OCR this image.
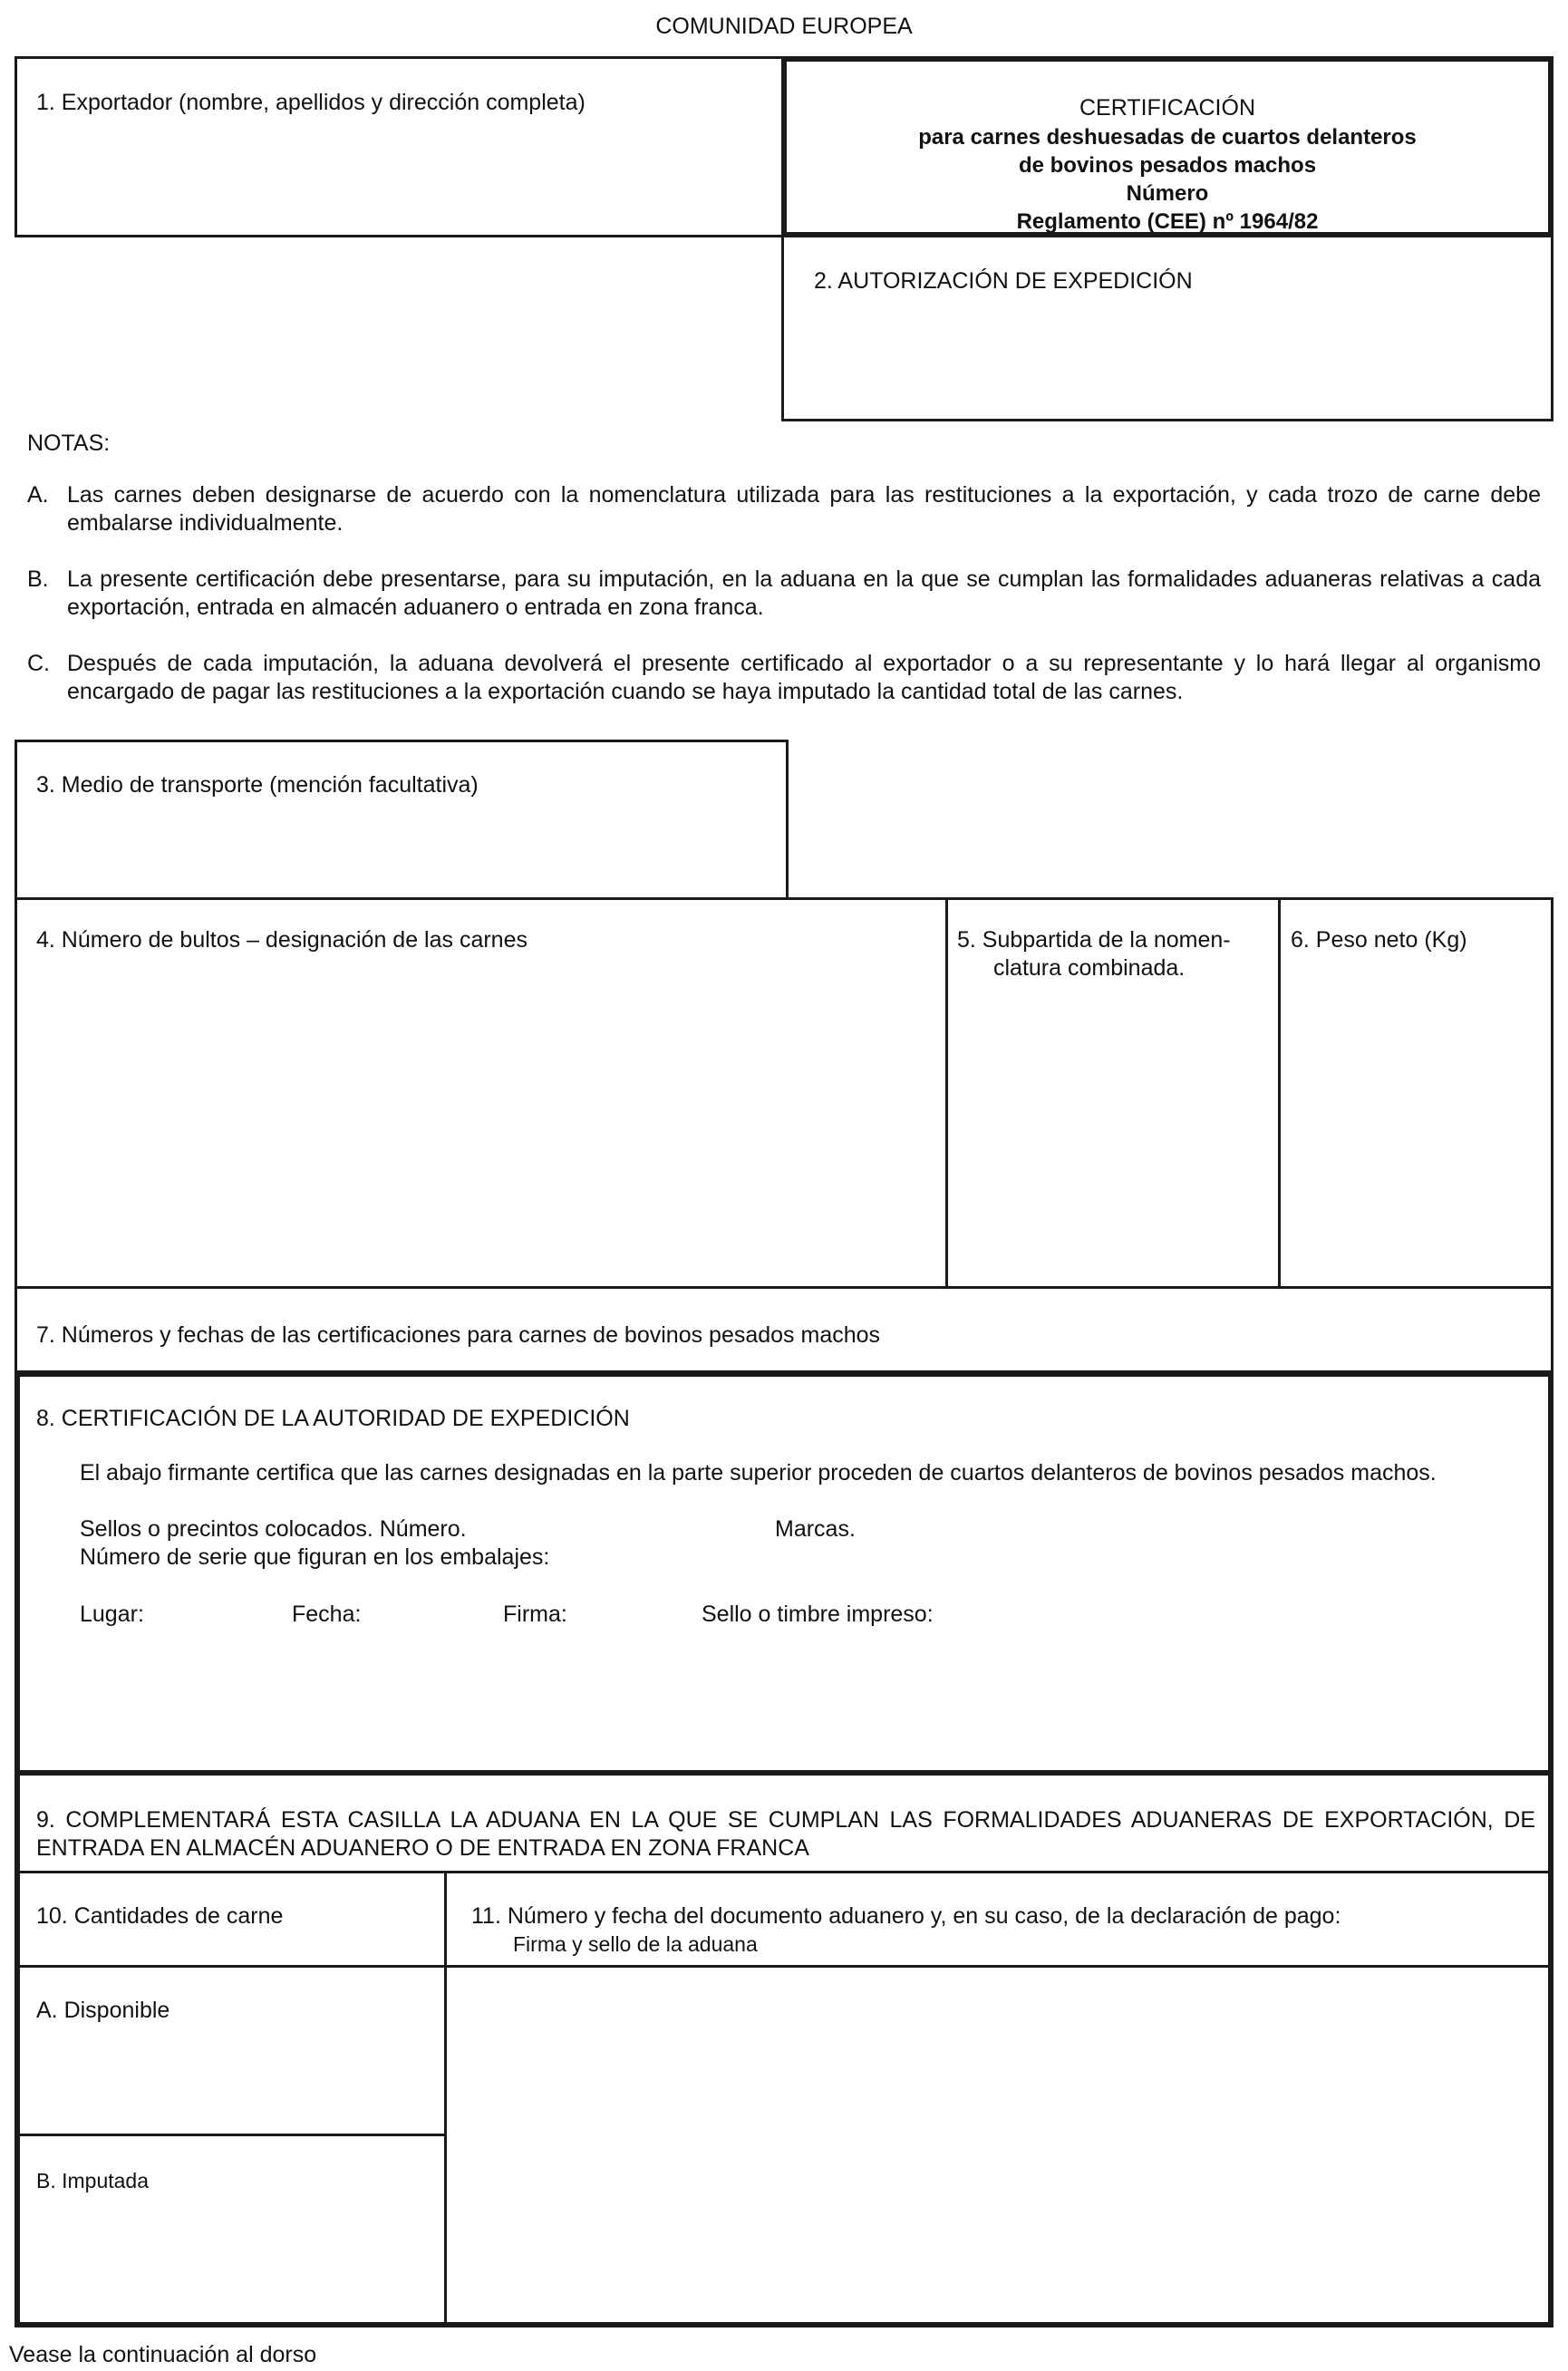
COMUNIDAD EUROPEA
1. Exportador (nombre, apellidos y dirección completa)	CERTIFICACIÓN
para carnes deshuesadas de cuartos delanteros
de bovinos pesados machos
Número
Reglamento (CEE) nº 1964/82
2. AUTORIZACIÓN DE EXPEDICIÓN
NOTAS:
A. Las carnes deben designarse de acuerdo con la nomenclatura utilizada para las restituciones a la exportación, y cada trozo de carne debe embalarse individualmente.
B. La presente certificación debe presentarse, para su imputación, en la aduana en la que se cumplan las formalidades aduaneras relativas a cada exportación, entrada en almacén aduanero o entrada en zona franca.
C. Después de cada imputación, la aduana devolverá el presente certificado al exportador o a su representante y lo hará llegar al organismo encargado de pagar las restituciones a la exportación cuando se haya imputado la cantidad total de las carnes.
3. Medio de transporte (mención facultativa)
4. Número de bultos – designación de las carnes	5. Subpartida de la nomen-
clatura combinada.
6. Peso neto (Kg)
7. Números y fechas de las certificaciones para carnes de bovinos pesados machos
8. CERTIFICACIÓN DE LA AUTORIDAD DE EXPEDICIÓN
El abajo firmante certifica que las carnes designadas en la parte superior proceden de cuartos delanteros de bovinos pesados machos.
Sellos o precintos colocados. Número.	Marcas.
Número de serie que figuran en los embalajes:
Lugar:	Fecha:	Firma:	Sello o timbre impreso:
9. COMPLEMENTARÁ ESTA CASILLA LA ADUANA EN LA QUE SE CUMPLAN LAS FORMALIDADES ADUANERAS DE EXPORTACIÓN, DE ENTRADA EN ALMACÉN ADUANERO O DE ENTRADA EN ZONA FRANCA
10. Cantidades de carne	11. Número y fecha del documento aduanero y, en su caso, de la declaración de pago:
Firma y sello de la aduana
A. Disponible
B. Imputada
Vease la continuación al dorso
